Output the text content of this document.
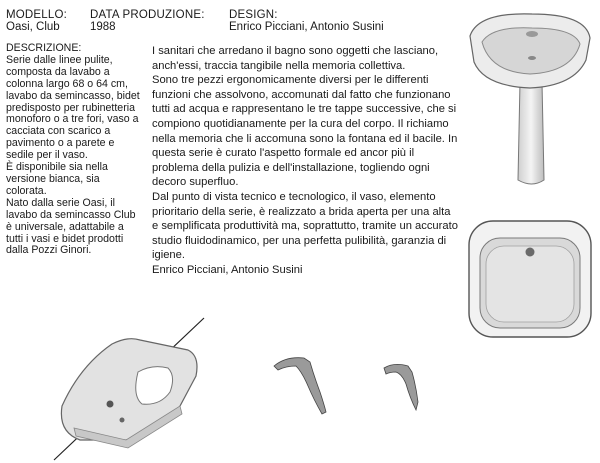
MODELLO:
Oasi, Club
DATA PRODUZIONE:
1988
DESIGN:
Enrico Picciani, Antonio Susini

DESCRIZIONE:

Serie dalle linee pulite, composta da lavabo a colonna largo 68 o 64 cm, lavabo da semincasso, bidet predisposto per rubinetteria monoforo o a tre fori, vaso a cacciata con scarico a pavimento o a parete e sedile per il vaso.

È disponibile sia nella versione bianca, sia colorata.

Nato dalla serie Oasi, il lavabo da semincasso Club è universale, adattabile a tutti i vasi e bidet prodotti dalla Pozzi Ginori.

I sanitari che arredano il bagno sono oggetti che lasciano, anch'essi, traccia tangibile nella memoria collettiva.

Sono tre pezzi ergonomicamente diversi per le differenti funzioni che assolvono, accomunati dal fatto che funzionano tutti ad acqua e rappresentano le tre tappe successive, che si compiono quotidianamente per la cura del corpo. Il richiamo nella memoria che li accomuna sono la fontana ed il bacile. In questa serie è curato l'aspetto formale ed ancor più il problema della pulizia e dell'installazione, togliendo ogni decoro superfluo.

Dal punto di vista tecnico e tecnologico, il vaso, elemento prioritario della serie, è realizzato a brida aperta per una alta e semplificata produttività ma, soprattutto, tramite un accurato studio fluidodinamico, per una perfetta pulibilità, garanzia di igiene.

Enrico Picciani, Antonio Susini
